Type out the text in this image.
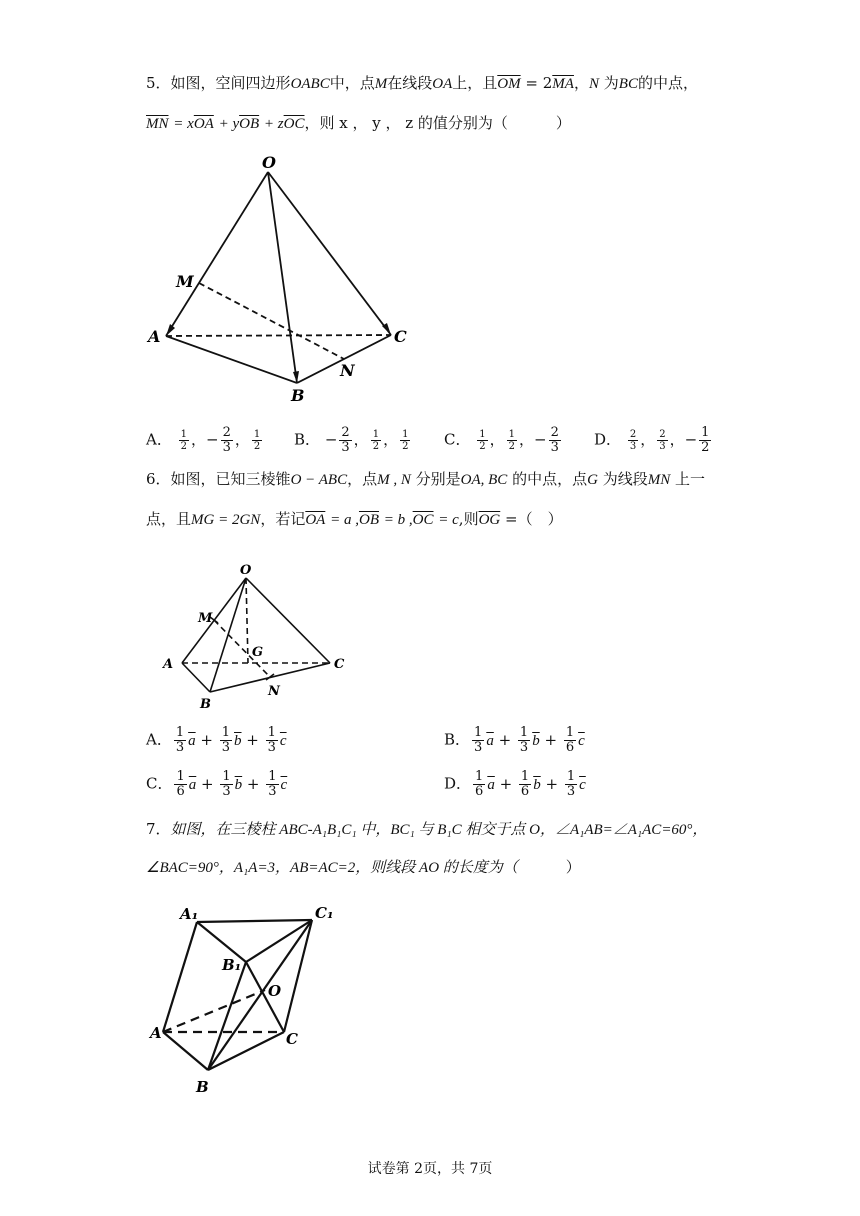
5．如图，空间四边形OABC中，点M在线段OA上，且$\overline{OM} = 2\overline{MA}$，N 为BC的中点，
$\overline{MN} = x\overline{OA} + y\overline{OB} + z\overline{OC}$，则 x ， y ， z 的值分别为（	）
O
M
A	C
N
B
A． $\frac{1}{2}$ ，− $\frac{2}{3}$ ， $\frac{1}{2}$ B． − $\frac{2}{3}$ ， $\frac{1}{2}$ ， $\frac{1}{2}$ C． $\frac{1}{2}$ ， $\frac{1}{2}$ ，− $\frac{2}{3}$ D． $\frac{2}{3}$ ， $\frac{2}{3}$ ，− $\frac{1}{2}$
6．如图，已知三棱锥O − ABC，点M , N 分别是OA, BC 的中点，点G 为线段MN 上一
点，且MG = 2GN，若记$\overline{OA} = a$ $,\overline{OB} = b$ $,\overline{OC} = c$,则$\overline{OG}$ =（　）
O
M
G
A	C
N
B
A． $\frac{1}{3} \overline{a} + \frac{1}{3} \overline{b} + \frac{1}{3} \overline{c}$	B． $\frac{1}{3} \overline{a} + \frac{1}{3} \overline{b} + \frac{1}{6} \overline{c}$
C． $\frac{1}{6} \overline{a} + \frac{1}{3} \overline{b} + \frac{1}{3} \overline{c}$	D． $\frac{1}{6} \overline{a} + \frac{1}{6} \overline{b} + \frac{1}{3} \overline{c}$
7．如图，在三棱柱 ABC-A₁B₁C₁ 中，BC₁ 与 B₁C 相交于点 O，∠A₁AB=∠A₁AC=60°，
∠BAC=90°，A₁A=3，AB=AC=2，则线段 AO 的长度为（	）
A₁	C₁
B₁
O
A	C
B
试卷第 2页，共 7页
